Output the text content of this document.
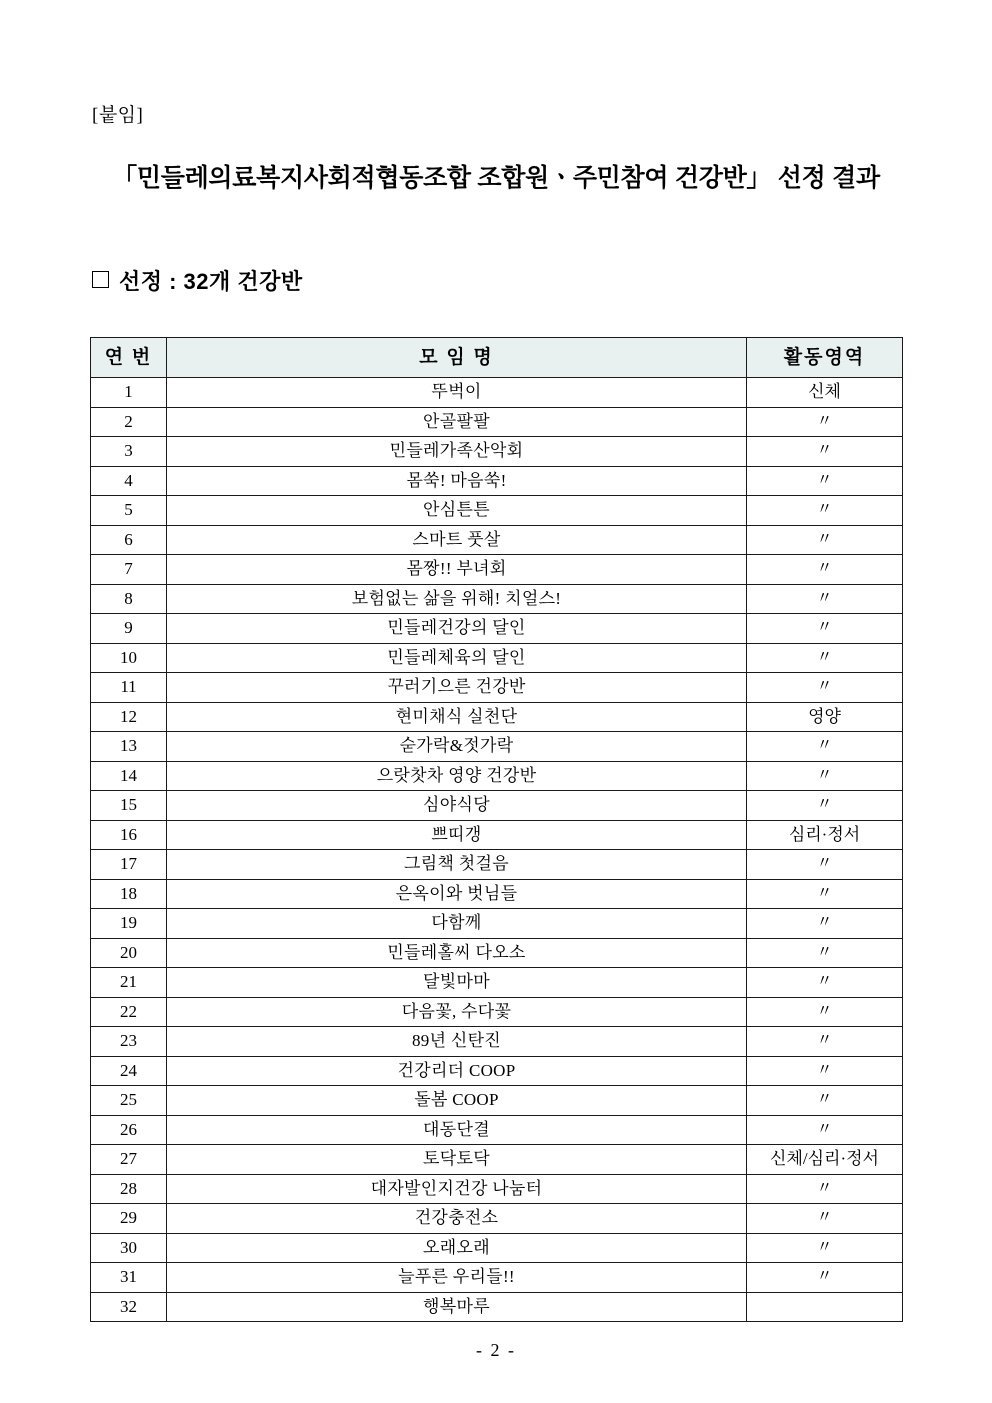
[붙임]
「민들레의료복지사회적협동조합 조합원ㆍ주민참여 건강반」 선정 결과
선정 : 32개 건강반
연 번	모 임 명	활동영역
1	뚜벅이	신체
2	안골팔팔	〃
3	민들레가족산악회	〃
4	몸쑥! 마음쑥!	〃
5	안심튼튼	〃
6	스마트 풋살	〃
7	몸짱!! 부녀회	〃
8	보험없는 삶을 위해! 치얼스!	〃
9	민들레건강의 달인	〃
10	민들레체육의 달인	〃
11	꾸러기으른 건강반	〃
12	현미채식 실천단	영양
13	숟가락&젓가락	〃
14	으랏찻차 영양 건강반	〃
15	심야식당	〃
16	쁘띠갱	심리·정서
17	그림책 첫걸음	〃
18	은옥이와 벗님들	〃
19	다함께	〃
20	민들레홀씨 다오소	〃
21	달빛마마	〃
22	다음꽃, 수다꽃	〃
23	89년 신탄진	〃
24	건강리더 COOP	〃
25	돌봄 COOP	〃
26	대동단결	〃
27	토닥토닥	신체/심리·정서
28	대자발인지건강 나눔터	〃
29	건강충전소	〃
30	오래오래	〃
31	늘푸른 우리들!!	〃
32	행복마루	
- 2 -
